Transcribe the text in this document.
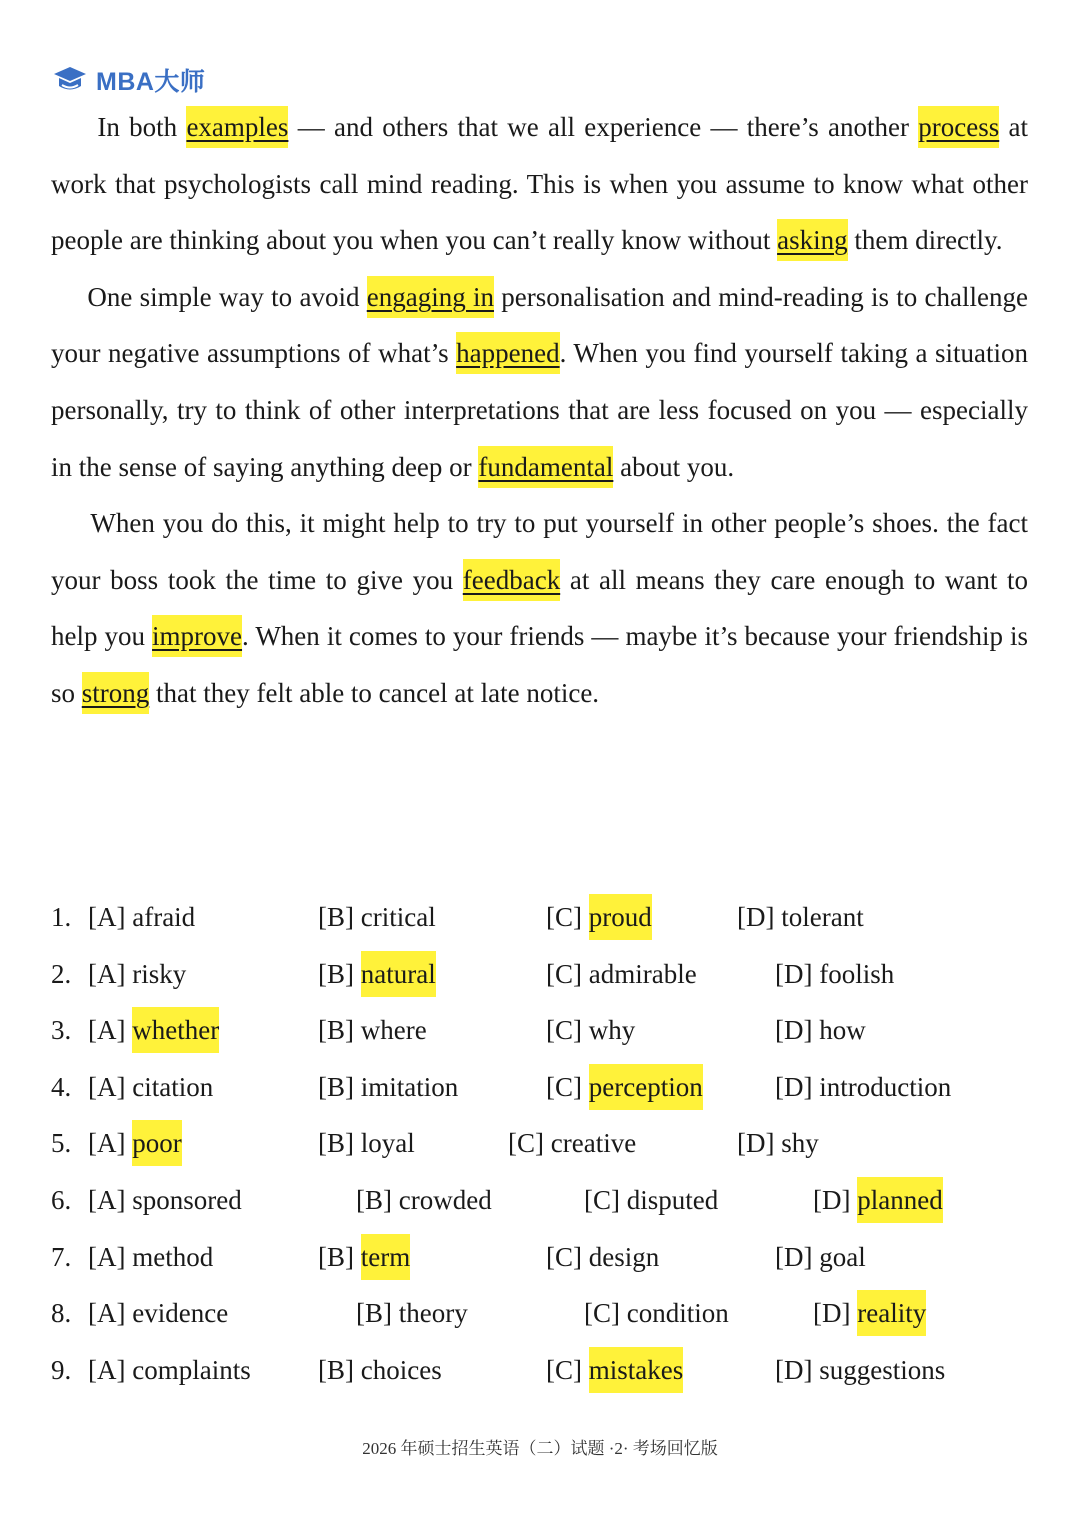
MBA大师

In both examples — and others that we all experience — there’s another process at work that psychologists call mind reading. This is when you assume to know what other people are thinking about you when you can’t really know without asking them directly.

One simple way to avoid engaging in personalisation and mind-reading is to challenge your negative assumptions of what’s happened. When you find yourself taking a situation personally, try to think of other interpretations that are less focused on you — especially in the sense of saying anything deep or fundamental about you.

When you do this, it might help to try to put yourself in other people’s shoes. the fact your boss took the time to give you feedback at all means they care enough to want to help you improve. When it comes to your friends — maybe it’s because your friendship is so strong that they felt able to cancel at late notice.

1. [A] afraid	[B] critical	[C] proud	[D] tolerant
2. [A] risky	[B] natural	[C] admirable	[D] foolish
3. [A] whether	[B] where	[C] why	[D] how
4. [A] citation	[B] imitation	[C] perception	[D] introduction
5. [A] poor	[B] loyal	[C] creative	[D] shy
6. [A] sponsored	[B] crowded	[C] disputed	[D] planned
7. [A] method	[B] term	[C] design	[D] goal
8. [A] evidence	[B] theory	[C] condition	[D] reality
9. [A] complaints [B] choices	[C] mistakes	[D] suggestions
2026 年硕士招生英语（二）试题 ·2· 考场回忆版
